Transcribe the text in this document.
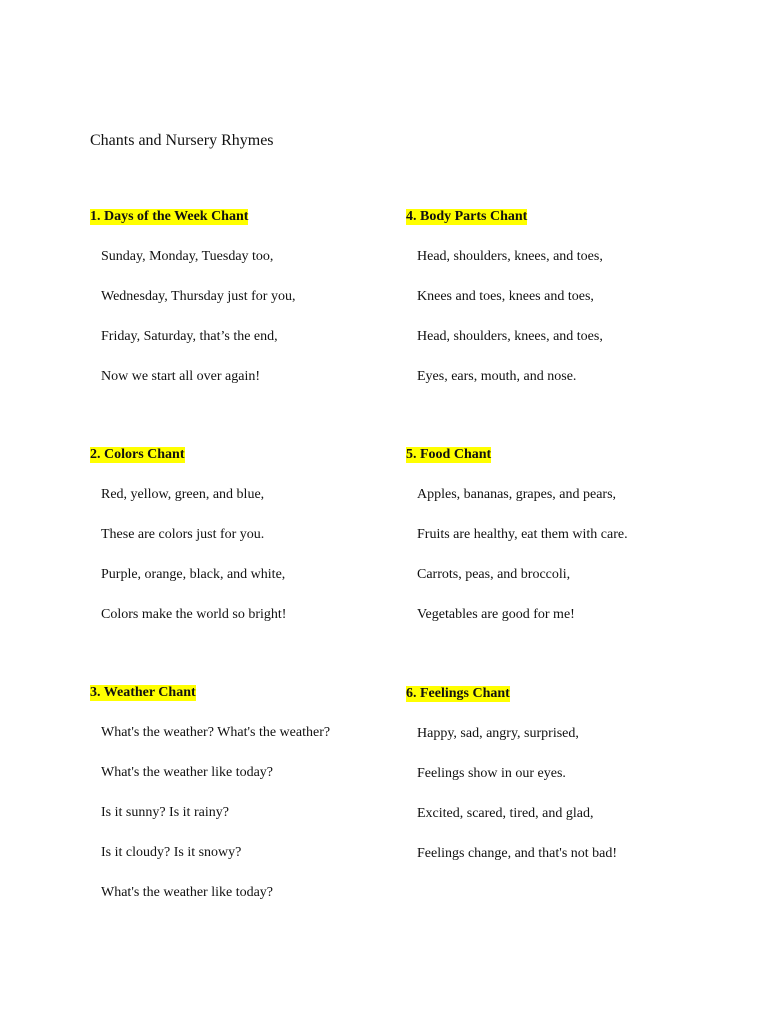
Chants and Nursery Rhymes
1. Days of the Week Chant
Sunday, Monday, Tuesday too,
Wednesday, Thursday just for you,
Friday, Saturday, that’s the end,
Now we start all over again!
2. Colors Chant
Red, yellow, green, and blue,
These are colors just for you.
Purple, orange, black, and white,
Colors make the world so bright!
3. Weather Chant
What's the weather? What's the weather?
What's the weather like today?
Is it sunny? Is it rainy?
Is it cloudy? Is it snowy?
What's the weather like today?
4. Body Parts Chant
Head, shoulders, knees, and toes,
Knees and toes, knees and toes,
Head, shoulders, knees, and toes,
Eyes, ears, mouth, and nose.
5. Food Chant
Apples, bananas, grapes, and pears,
Fruits are healthy, eat them with care.
Carrots, peas, and broccoli,
Vegetables are good for me!
6. Feelings Chant
Happy, sad, angry, surprised,
Feelings show in our eyes.
Excited, scared, tired, and glad,
Feelings change, and that's not bad!
